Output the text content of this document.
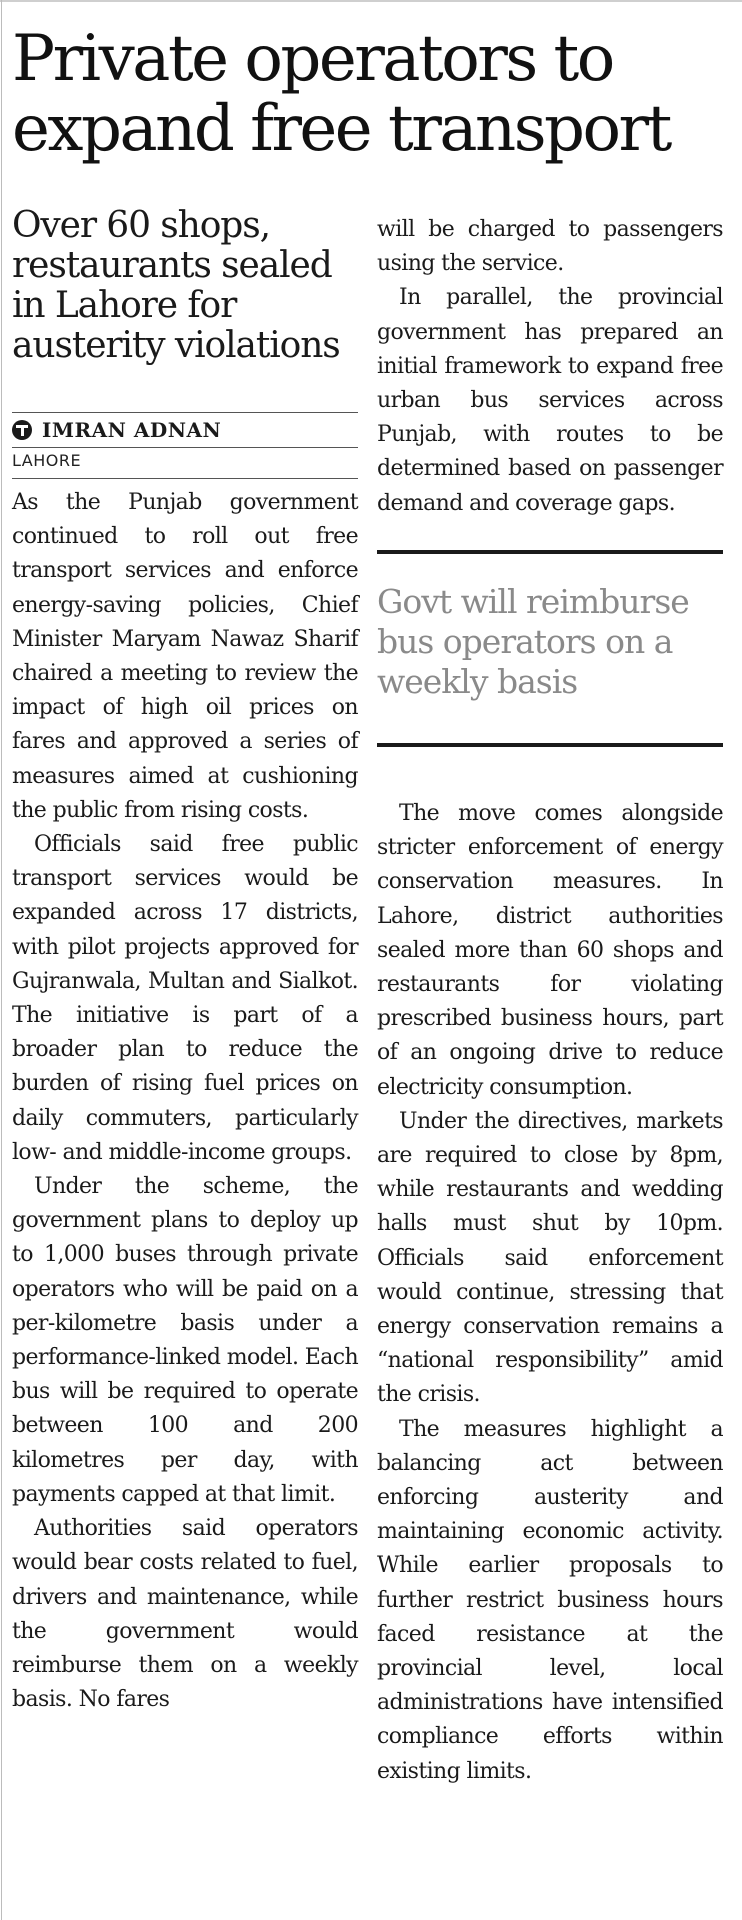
Private operators to expand free transport
Over 60 shops, restaurants sealed in Lahore for austerity violations
IMRAN ADNAN
LAHORE

As the Punjab government continued to roll out free transport services and enforce energy-saving policies, Chief Minister Maryam Nawaz Sharif chaired a meeting to review the impact of high oil prices on fares and approved a series of measures aimed at cushioning the public from rising costs.

Officials said free public transport services would be expanded across 17 districts, with pilot projects approved for Gujranwala, Multan and Sialkot. The initiative is part of a broader plan to reduce the burden of rising fuel prices on daily commuters, particularly low- and middle-income groups.

Under the scheme, the government plans to deploy up to 1,000 buses through private operators who will be paid on a per-kilometre basis under a performance-linked model. Each bus will be required to operate between 100 and 200 kilometres per day, with payments capped at that limit.

Authorities said operators would bear costs related to fuel, drivers and maintenance, while the government would reimburse them on a weekly basis. No fares

will be charged to passengers using the service.

In parallel, the provincial government has prepared an initial framework to expand free urban bus services across Punjab, with routes to be determined based on passenger demand and coverage gaps.

Govt will reimburse bus operators on a weekly basis

The move comes alongside stricter enforcement of energy conservation measures. In Lahore, district authorities sealed more than 60 shops and restaurants for violating prescribed business hours, part of an ongoing drive to reduce electricity consumption.

Under the directives, markets are required to close by 8pm, while restaurants and wedding halls must shut by 10pm. Officials said enforcement would continue, stressing that energy conservation remains a “national responsibility” amid the crisis.

The measures highlight a balancing act between enforcing austerity and maintaining economic activity. While earlier proposals to further restrict business hours faced resistance at the provincial level, local administrations have intensified compliance efforts within existing limits.
